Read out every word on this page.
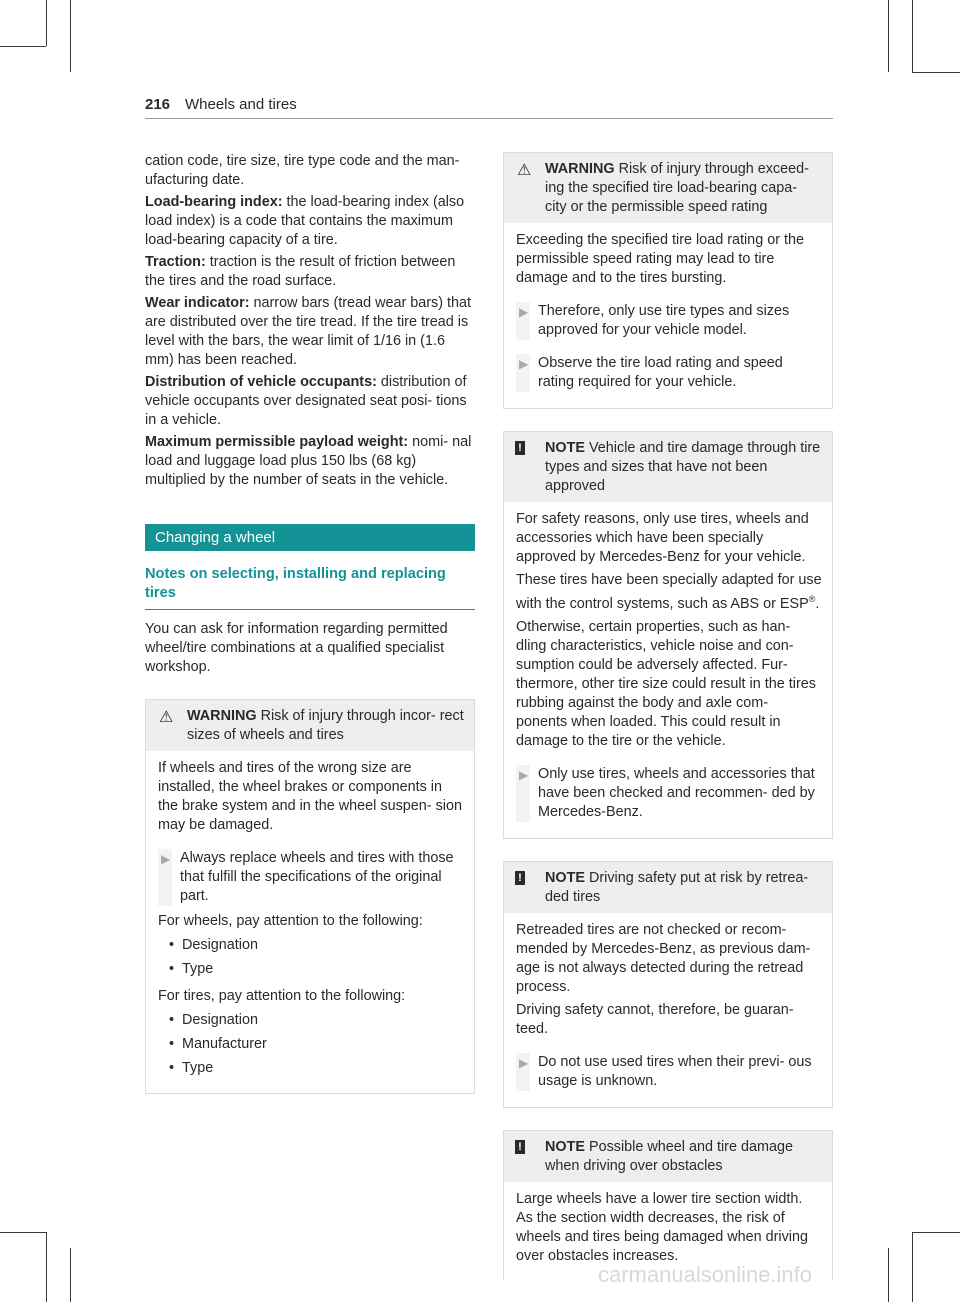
216 Wheels and tires

cation code, tire size, tire type code and the man- ufacturing date.

Load-bearing index: the load-bearing index (also load index) is a code that contains the maximum load-bearing capacity of a tire.

Traction: traction is the result of friction between the tires and the road surface.

Wear indicator: narrow bars (tread wear bars) that are distributed over the tire tread. If the tire tread is level with the bars, the wear limit of 1/16 in (1.6 mm) has been reached.

Distribution of vehicle occupants: distribution of vehicle occupants over designated seat posi- tions in a vehicle.

Maximum permissible payload weight: nomi- nal load and luggage load plus 150 lbs (68 kg) multiplied by the number of seats in the vehicle.

Changing a wheel
Notes on selecting, installing and replacing tires

You can ask for information regarding permitted wheel/tire combinations at a qualified specialist workshop.

⚠ WARNING Risk of injury through incor- rect sizes of wheels and tires

If wheels and tires of the wrong size are installed, the wheel brakes or components in the brake system and in the wheel suspen- sion may be damaged.

▶ Always replace wheels and tires with those that fulfill the specifications of the original part.

For wheels, pay attention to the following:

• Designation
• Type

For tires, pay attention to the following:

• Designation
• Manufacturer
• Type
⚠ WARNING Risk of injury through exceed- ing the specified tire load-bearing capa- city or the permissible speed rating

Exceeding the specified tire load rating or the permissible speed rating may lead to tire damage and to the tires bursting.

▶ Therefore, only use tire types and sizes approved for your vehicle model.
▶ Observe the tire load rating and speed rating required for your vehicle.
! NOTE Vehicle and tire damage through tire types and sizes that have not been approved

For safety reasons, only use tires, wheels and accessories which have been specially approved by Mercedes-Benz for your vehicle.

These tires have been specially adapted for use with the control systems, such as ABS or ESP®.

Otherwise, certain properties, such as han- dling characteristics, vehicle noise and con- sumption could be adversely affected. Fur- thermore, other tire size could result in the tires rubbing against the body and axle com- ponents when loaded. This could result in damage to the tire or the vehicle.

▶ Only use tires, wheels and accessories that have been checked and recommen- ded by Mercedes-Benz.
! NOTE Driving safety put at risk by retrea- ded tires

Retreaded tires are not checked or recom- mended by Mercedes-Benz, as previous dam- age is not always detected during the retread process.

Driving safety cannot, therefore, be guaran- teed.

▶ Do not use used tires when their previ- ous usage is unknown.
! NOTE Possible wheel and tire damage when driving over obstacles

Large wheels have a lower tire section width. As the section width decreases, the risk of wheels and tires being damaged when driving over obstacles increases.

carmanualsonline.info
